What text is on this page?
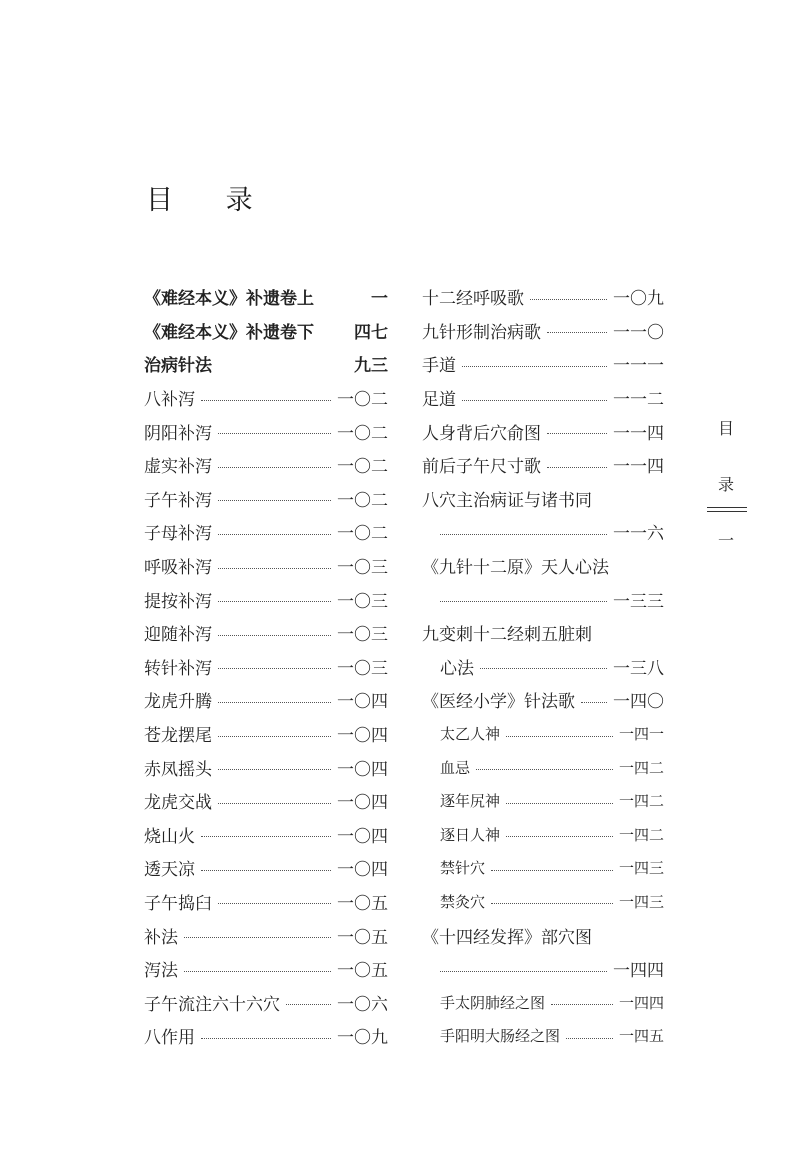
目 录
《难经本义》补遗卷上	一
《难经本义》补遗卷下 四七
治病针法	九三
八补泻	一〇二
阴阳补泻	一〇二
虚实补泻	一〇二
子午补泻	一〇二
子母补泻	一〇二
呼吸补泻	一〇三
提按补泻	一〇三
迎随补泻	一〇三
转针补泻	一〇三
龙虎升腾	一〇四
苍龙摆尾	一〇四
赤凤摇头	一〇四
龙虎交战	一〇四
烧山火	一〇四
透天凉	一〇四
子午捣臼	一〇五
补法	一〇五
泻法	一〇五
子午流注六十六穴	一〇六
八作用	一〇九
十二经呼吸歌	一〇九
九针形制治病歌	一一〇
手道	一一一
足道	一一二
人身背后穴俞图	一一四
前后子午尺寸歌	一一四
八穴主治病证与诸书同
一一六
《九针十二原》天人心法
一三三
九变刺十二经刺五脏刺
心法	一三八
《医经小学》针法歌 一四〇
太乙人神	一四一
血忌	一四二
逐年尻神	一四二
逐日人神	一四二
禁针穴	一四三
禁灸穴	一四三
《十四经发挥》部穴图
一四四
手太阴肺经之图	一四四
手阳明大肠经之图	一四五
目
录
一
